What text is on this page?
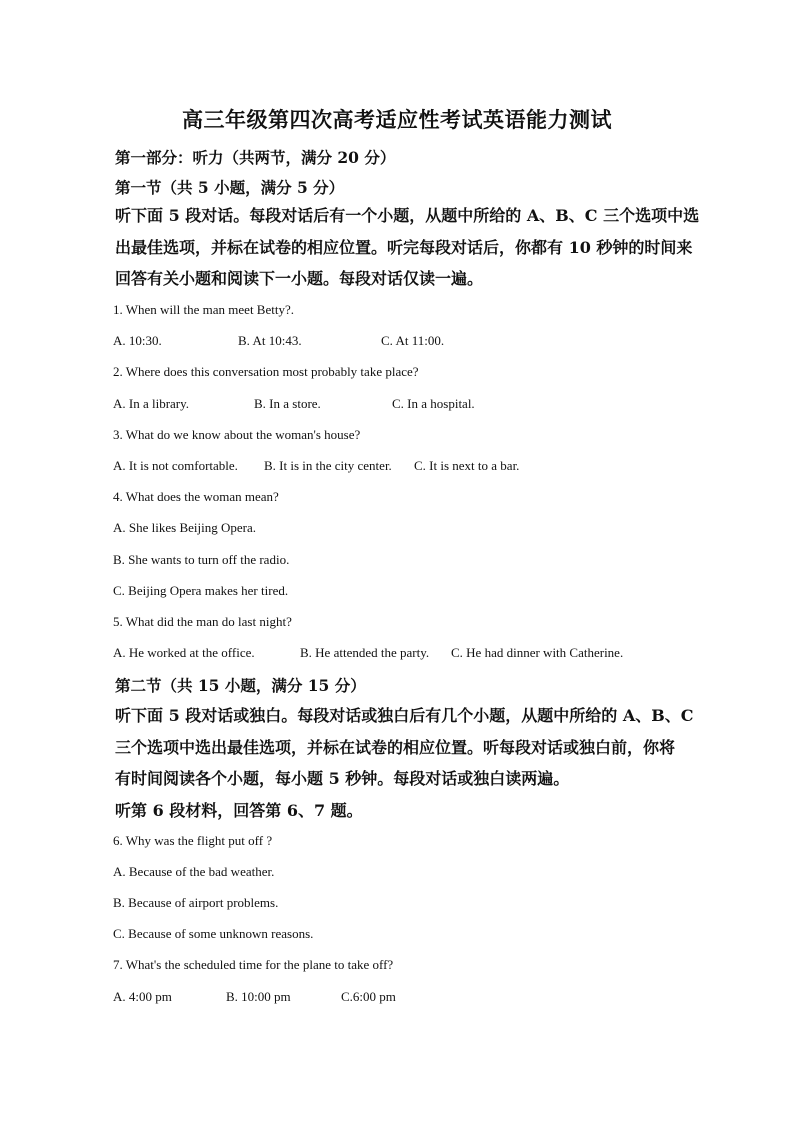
高三年级第四次高考适应性考试英语能力测试
第一部分：听力（共两节，满分 20 分）
第一节（共 5 小题，满分 5 分）

听下面 5 段对话。每段对话后有一个小题，从题中所给的 A、B、C 三个选项中选

出最佳选项，并标在试卷的相应位置。听完每段对话后，你都有 10 秒钟的时间来

回答有关小题和阅读下一小题。每段对话仅读一遍。

1. When will the man meet Betty?.
A. 10:30.	B. At 10:43.	C. At 11:00.
2. Where does this conversation most probably take place?
A. In a library.	B. In a store.	C. In a hospital.
3. What do we know about the woman's house?
A. It is not comfortable. B. It is in the city center. C. It is next to a bar.
4. What does the woman mean?
A. She likes Beijing Opera.
B. She wants to turn off the radio.
C. Beijing Opera makes her tired.
5. What did the man do last night?
A. He worked at the office.	B. He attended the party. C. He had dinner with Catherine.
第二节（共 15 小题，满分 15 分）

听下面 5 段对话或独白。每段对话或独白后有几个小题，从题中所给的 A、B、C

三个选项中选出最佳选项，并标在试卷的相应位置。听每段对话或独白前，你将

有时间阅读各个小题，每小题 5 秒钟。每段对话或独白读两遍。

听第 6 段材料，回答第 6、7 题。
6. Why was the flight put off ?
A. Because of the bad weather.
B. Because of airport problems.
C. Because of some unknown reasons.
7. What's the scheduled time for the plane to take off?
A. 4:00 pm	B. 10:00 pm	C.6:00 pm
